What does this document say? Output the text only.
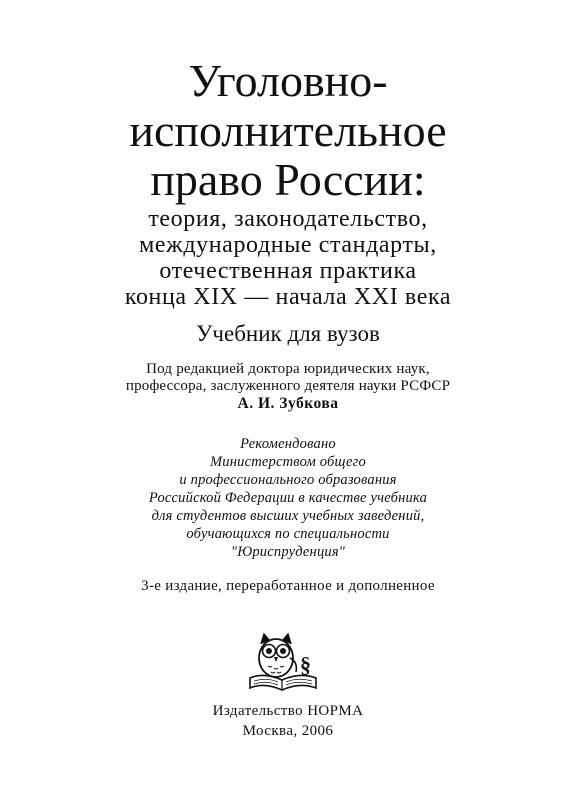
Уголовно-
исполнительное
право России:
теория, законодательство,
международные стандарты,
отечественная практика
конца XIX — начала XXI века
Учебник для вузов
Под редакцией доктора юридических наук,
профессора, заслуженного деятеля науки РСФСР
А. И. Зубкова
Рекомендовано
Министерством общего
и профессионального образования
Российской Федерации в качестве учебника
для студентов высших учебных заведений,
обучающихся по специальности
"Юриспруденция"
3-е издание, переработанное и дополненное
§
Издательство НОРМА
Москва, 2006
